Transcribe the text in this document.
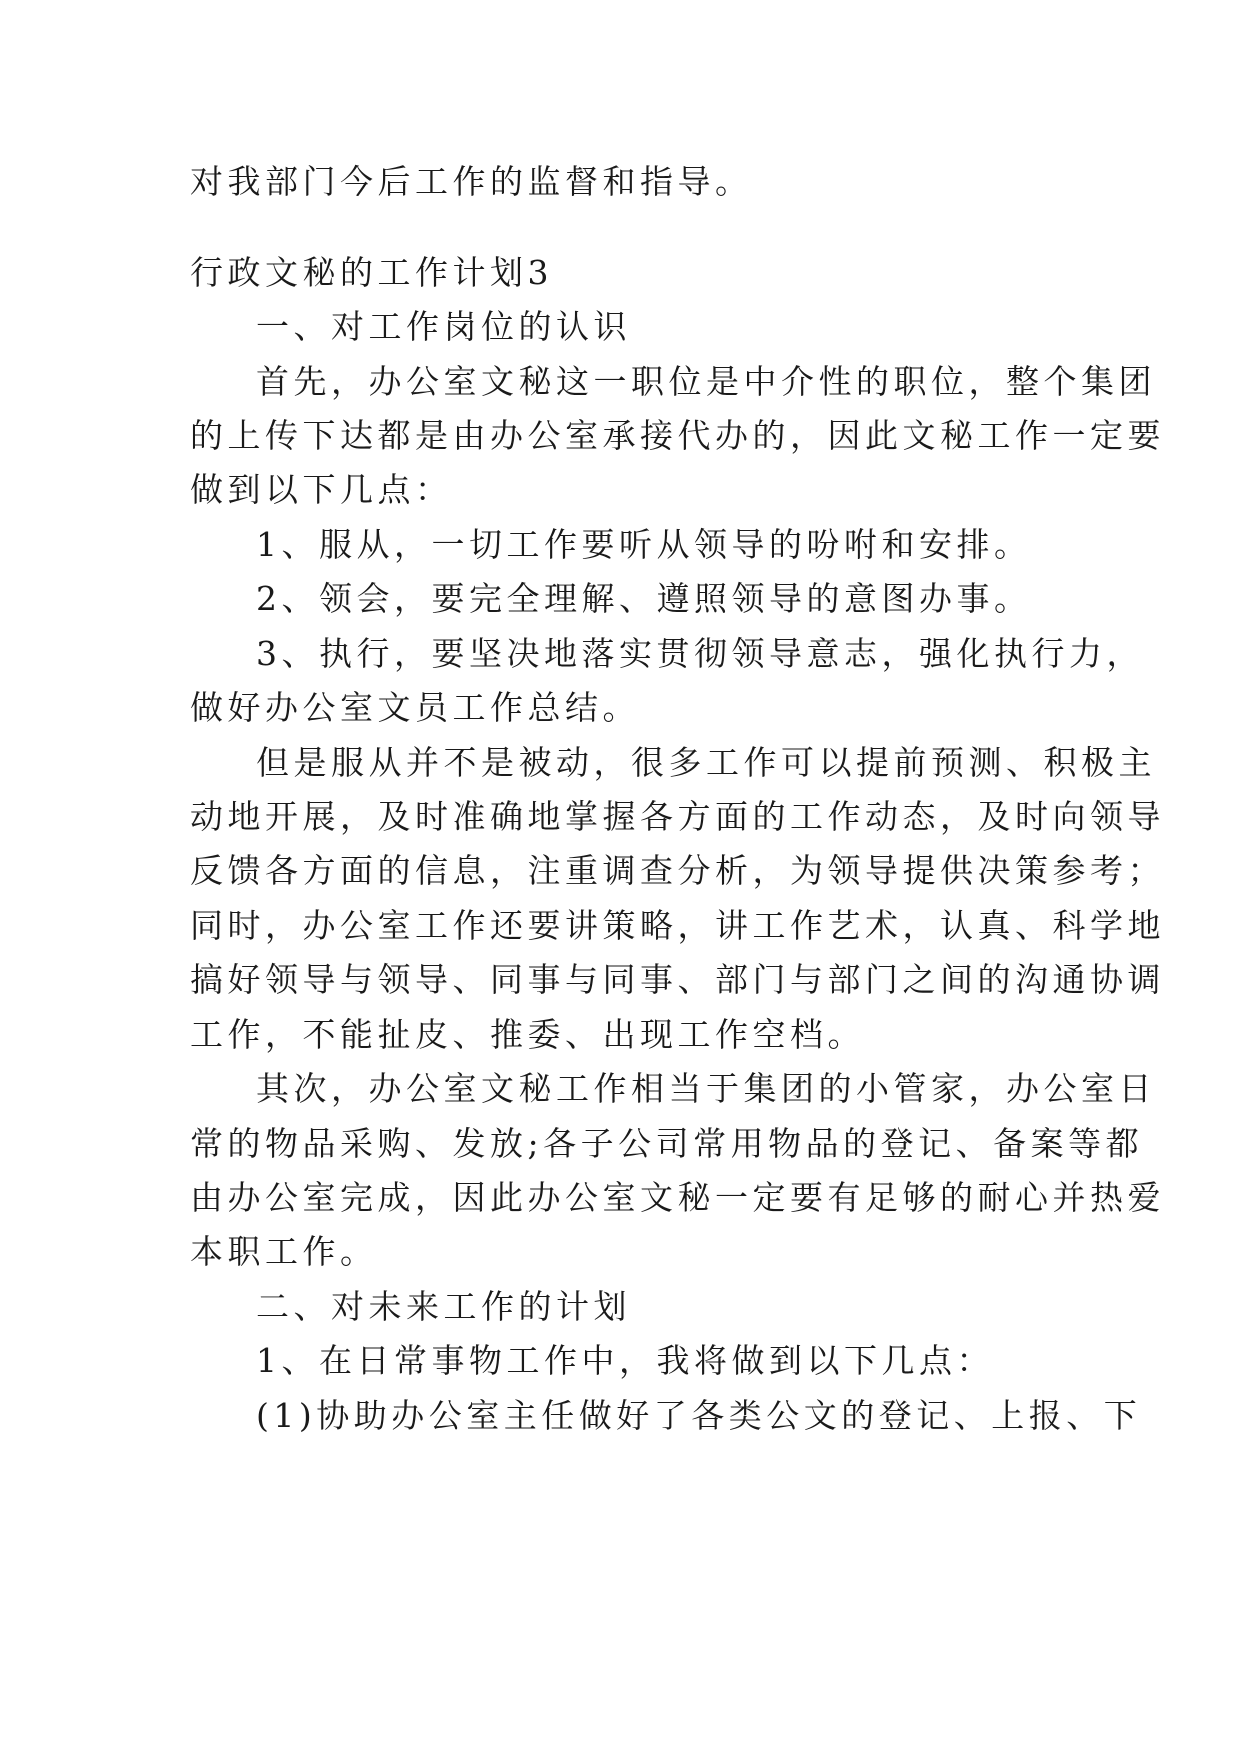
对我部门今后工作的监督和指导。
行政文秘的工作计划3
一、对工作岗位的认识
首先，办公室文秘这一职位是中介性的职位，整个集团
的上传下达都是由办公室承接代办的，因此文秘工作一定要
做到以下几点：
1、服从，一切工作要听从领导的吩咐和安排。
2、领会，要完全理解、遵照领导的意图办事。
3、执行，要坚决地落实贯彻领导意志，强化执行力，
做好办公室文员工作总结。
但是服从并不是被动，很多工作可以提前预测、积极主
动地开展，及时准确地掌握各方面的工作动态，及时向领导
反馈各方面的信息，注重调查分析，为领导提供决策参考；
同时，办公室工作还要讲策略，讲工作艺术，认真、科学地
搞好领导与领导、同事与同事、部门与部门之间的沟通协调
工作，不能扯皮、推委、出现工作空档。
其次，办公室文秘工作相当于集团的小管家，办公室日
常的物品采购、发放;各子公司常用物品的登记、备案等都
由办公室完成，因此办公室文秘一定要有足够的耐心并热爱
本职工作。
二、对未来工作的计划
1、在日常事物工作中，我将做到以下几点：
(1)协助办公室主任做好了各类公文的登记、上报、下
